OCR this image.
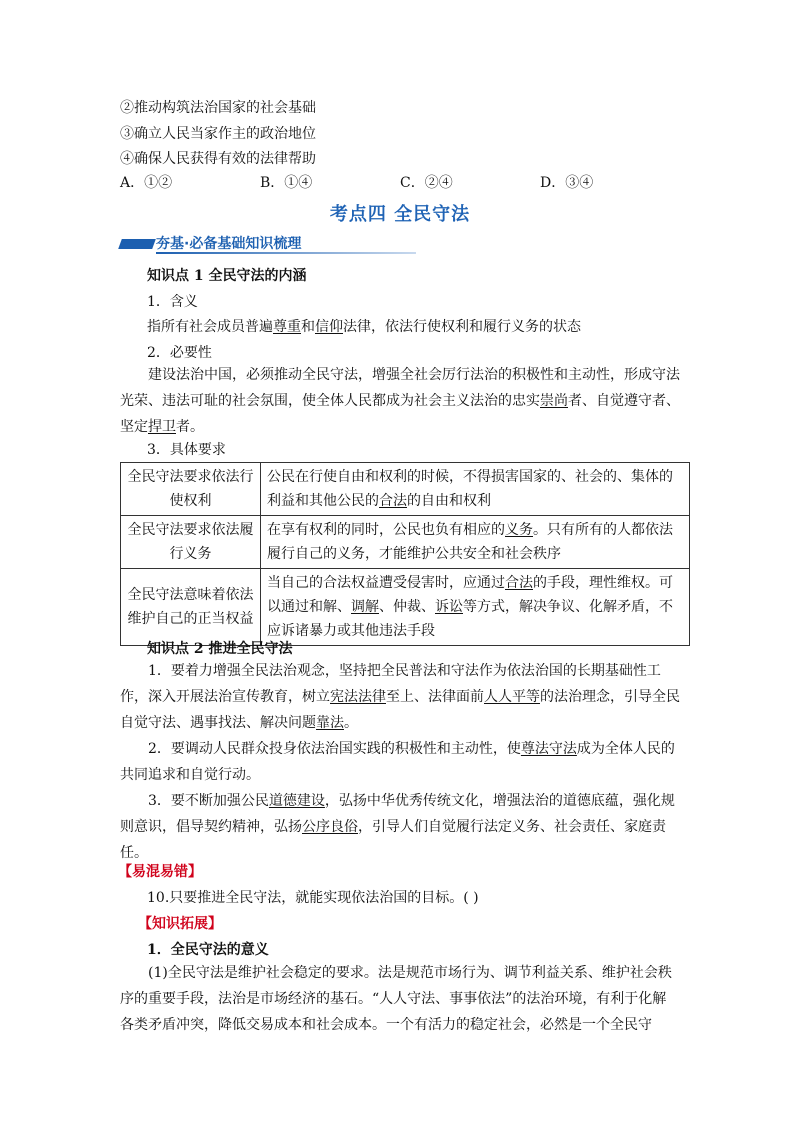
②推动构筑法治国家的社会基础
③确立人民当家作主的政治地位
④确保人民获得有效的法律帮助
A．①②	B．①④	C．②④	D．③④
考点四 全民守法
夯基·必备基础知识梳理
知识点 1 全民守法的内涵
1．含义
指所有社会成员普遍尊重和信仰法律，依法行使权利和履行义务的状态
2．必要性
建设法治中国，必须推动全民守法，增强全社会厉行法治的积极性和主动性，形成守法光荣、违法可耻的社会氛围，使全体人民都成为社会主义法治的忠实崇尚者、自觉遵守者、坚定捍卫者。
3．具体要求
全民守法要求依法行使权利	公民在行使自由和权利的时候，不得损害国家的、社会的、集体的利益和其他公民的合法的自由和权利
全民守法要求依法履行义务	在享有权利的同时，公民也负有相应的义务。只有所有的人都依法履行自己的义务，才能维护公共安全和社会秩序
全民守法意味着依法维护自己的正当权益	当自己的合法权益遭受侵害时，应通过合法的手段，理性维权。可以通过和解、调解、仲裁、诉讼等方式，解决争议、化解矛盾，不应诉诸暴力或其他违法手段
知识点 2 推进全民守法
1．要着力增强全民法治观念，坚持把全民普法和守法作为依法治国的长期基础性工作，深入开展法治宣传教育，树立宪法法律至上、法律面前人人平等的法治理念，引导全民自觉守法、遇事找法、解决问题靠法。
2．要调动人民群众投身依法治国实践的积极性和主动性，使尊法守法成为全体人民的共同追求和自觉行动。
3．要不断加强公民道德建设，弘扬中华优秀传统文化，增强法治的道德底蕴，强化规则意识，倡导契约精神，弘扬公序良俗，引导人们自觉履行法定义务、社会责任、家庭责任。
【易混易错】
10.只要推进全民守法，就能实现依法治国的目标。( )
【知识拓展】
1．全民守法的意义
(1)全民守法是维护社会稳定的要求。法是规范市场行为、调节利益关系、维护社会秩序的重要手段，法治是市场经济的基石。“人人守法、事事依法”的法治环境，有利于化解各类矛盾冲突，降低交易成本和社会成本。一个有活力的稳定社会，必然是一个全民守
